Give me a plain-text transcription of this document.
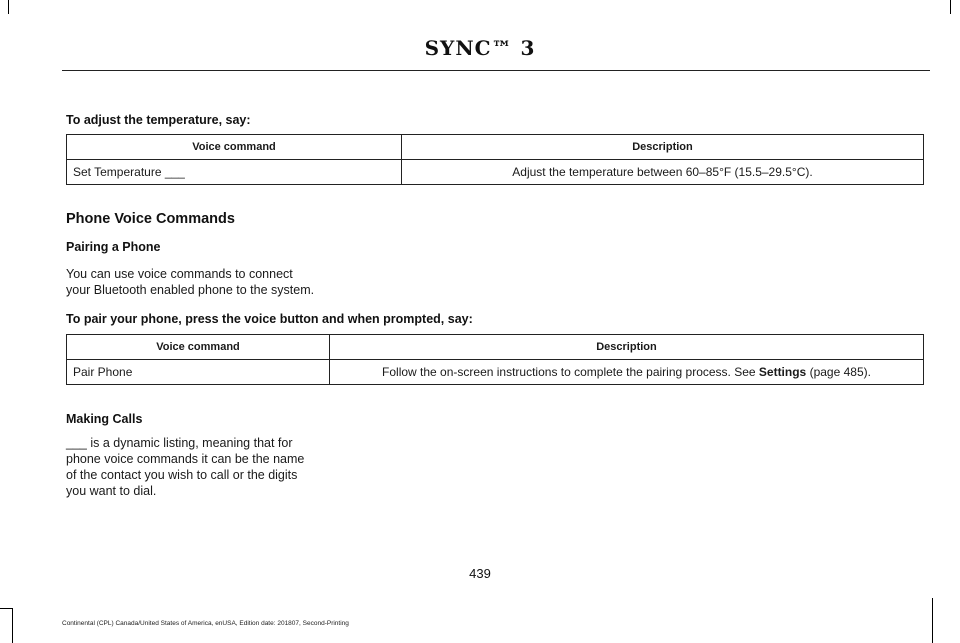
SYNC™ 3
To adjust the temperature, say:
Voice command	Description
Set Temperature ___	Adjust the temperature between 60–85°F (15.5–29.5°C).
Phone Voice Commands
Pairing a Phone
You can use voice commands to connect
your Bluetooth enabled phone to the system.
To pair your phone, press the voice button and when prompted, say:
Voice command	Description
Pair Phone	Follow the on-screen instructions to complete the pairing process. See Settings (page 485).
Making Calls
___ is a dynamic listing, meaning that for
phone voice commands it can be the name
of the contact you wish to call or the digits
you want to dial.
439
Continental (CPL) Canada/United States of America, enUSA, Edition date: 201807, Second-Printing
